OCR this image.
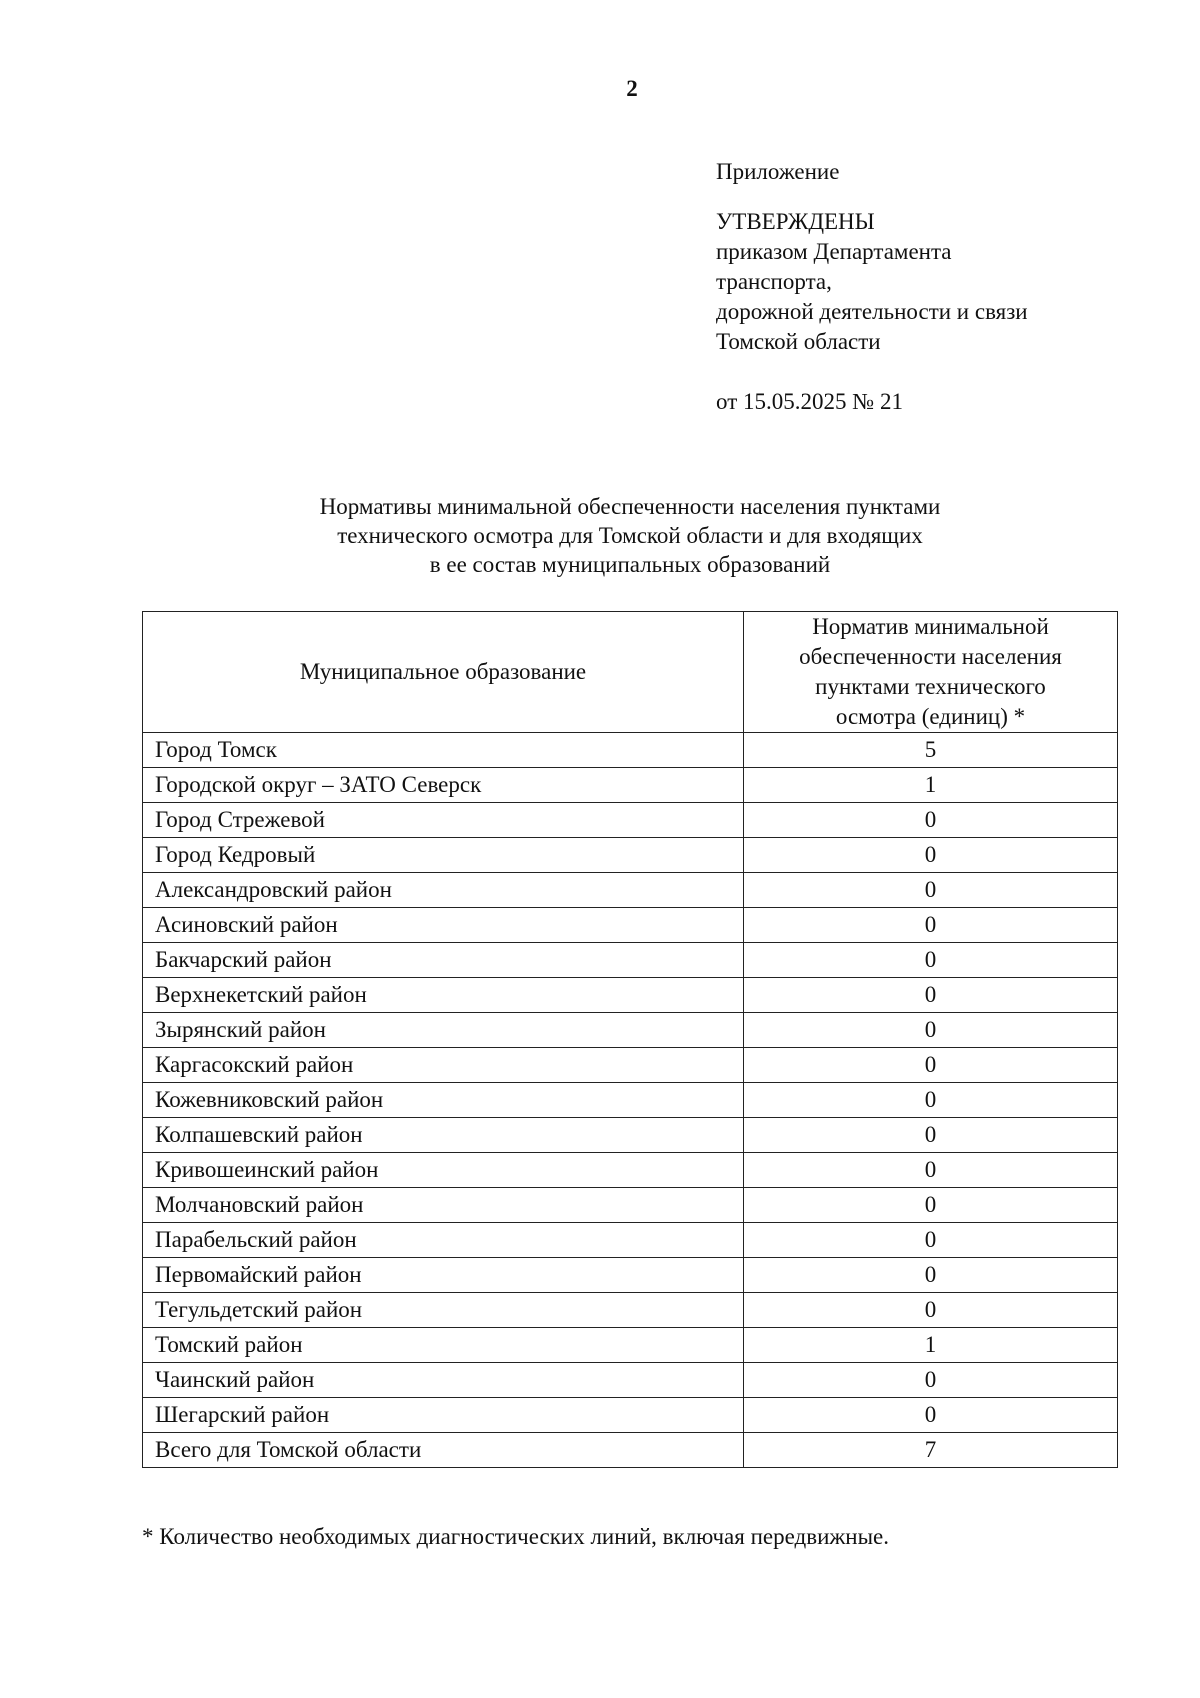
2
Приложение
УТВЕРЖДЕНЫ
приказом Департамента
транспорта,
дорожной деятельности и связи
Томской области
от 15.05.2025 № 21
Нормативы минимальной обеспеченности населения пунктами
технического осмотра для Томской области и для входящих
в ее состав муниципальных образований
Муниципальное образование	Норматив минимальной
обеспеченности населения
пунктами технического
осмотра (единиц) *

Город Томск	5
Городской округ – ЗАТО Северск	1
Город Стрежевой	0
Город Кедровый	0
Александровский район	0
Асиновский район	0
Бакчарский район	0
Верхнекетский район	0
Зырянский район	0
Каргасокский район	0
Кожевниковский район	0
Колпашевский район	0
Кривошеинский район	0
Молчановский район	0
Парабельский район	0
Первомайский район	0
Тегульдетский район	0
Томский район	1
Чаинский район	0
Шегарский район	0
Всего для Томской области	7
* Количество необходимых диагностических линий, включая передвижные.
